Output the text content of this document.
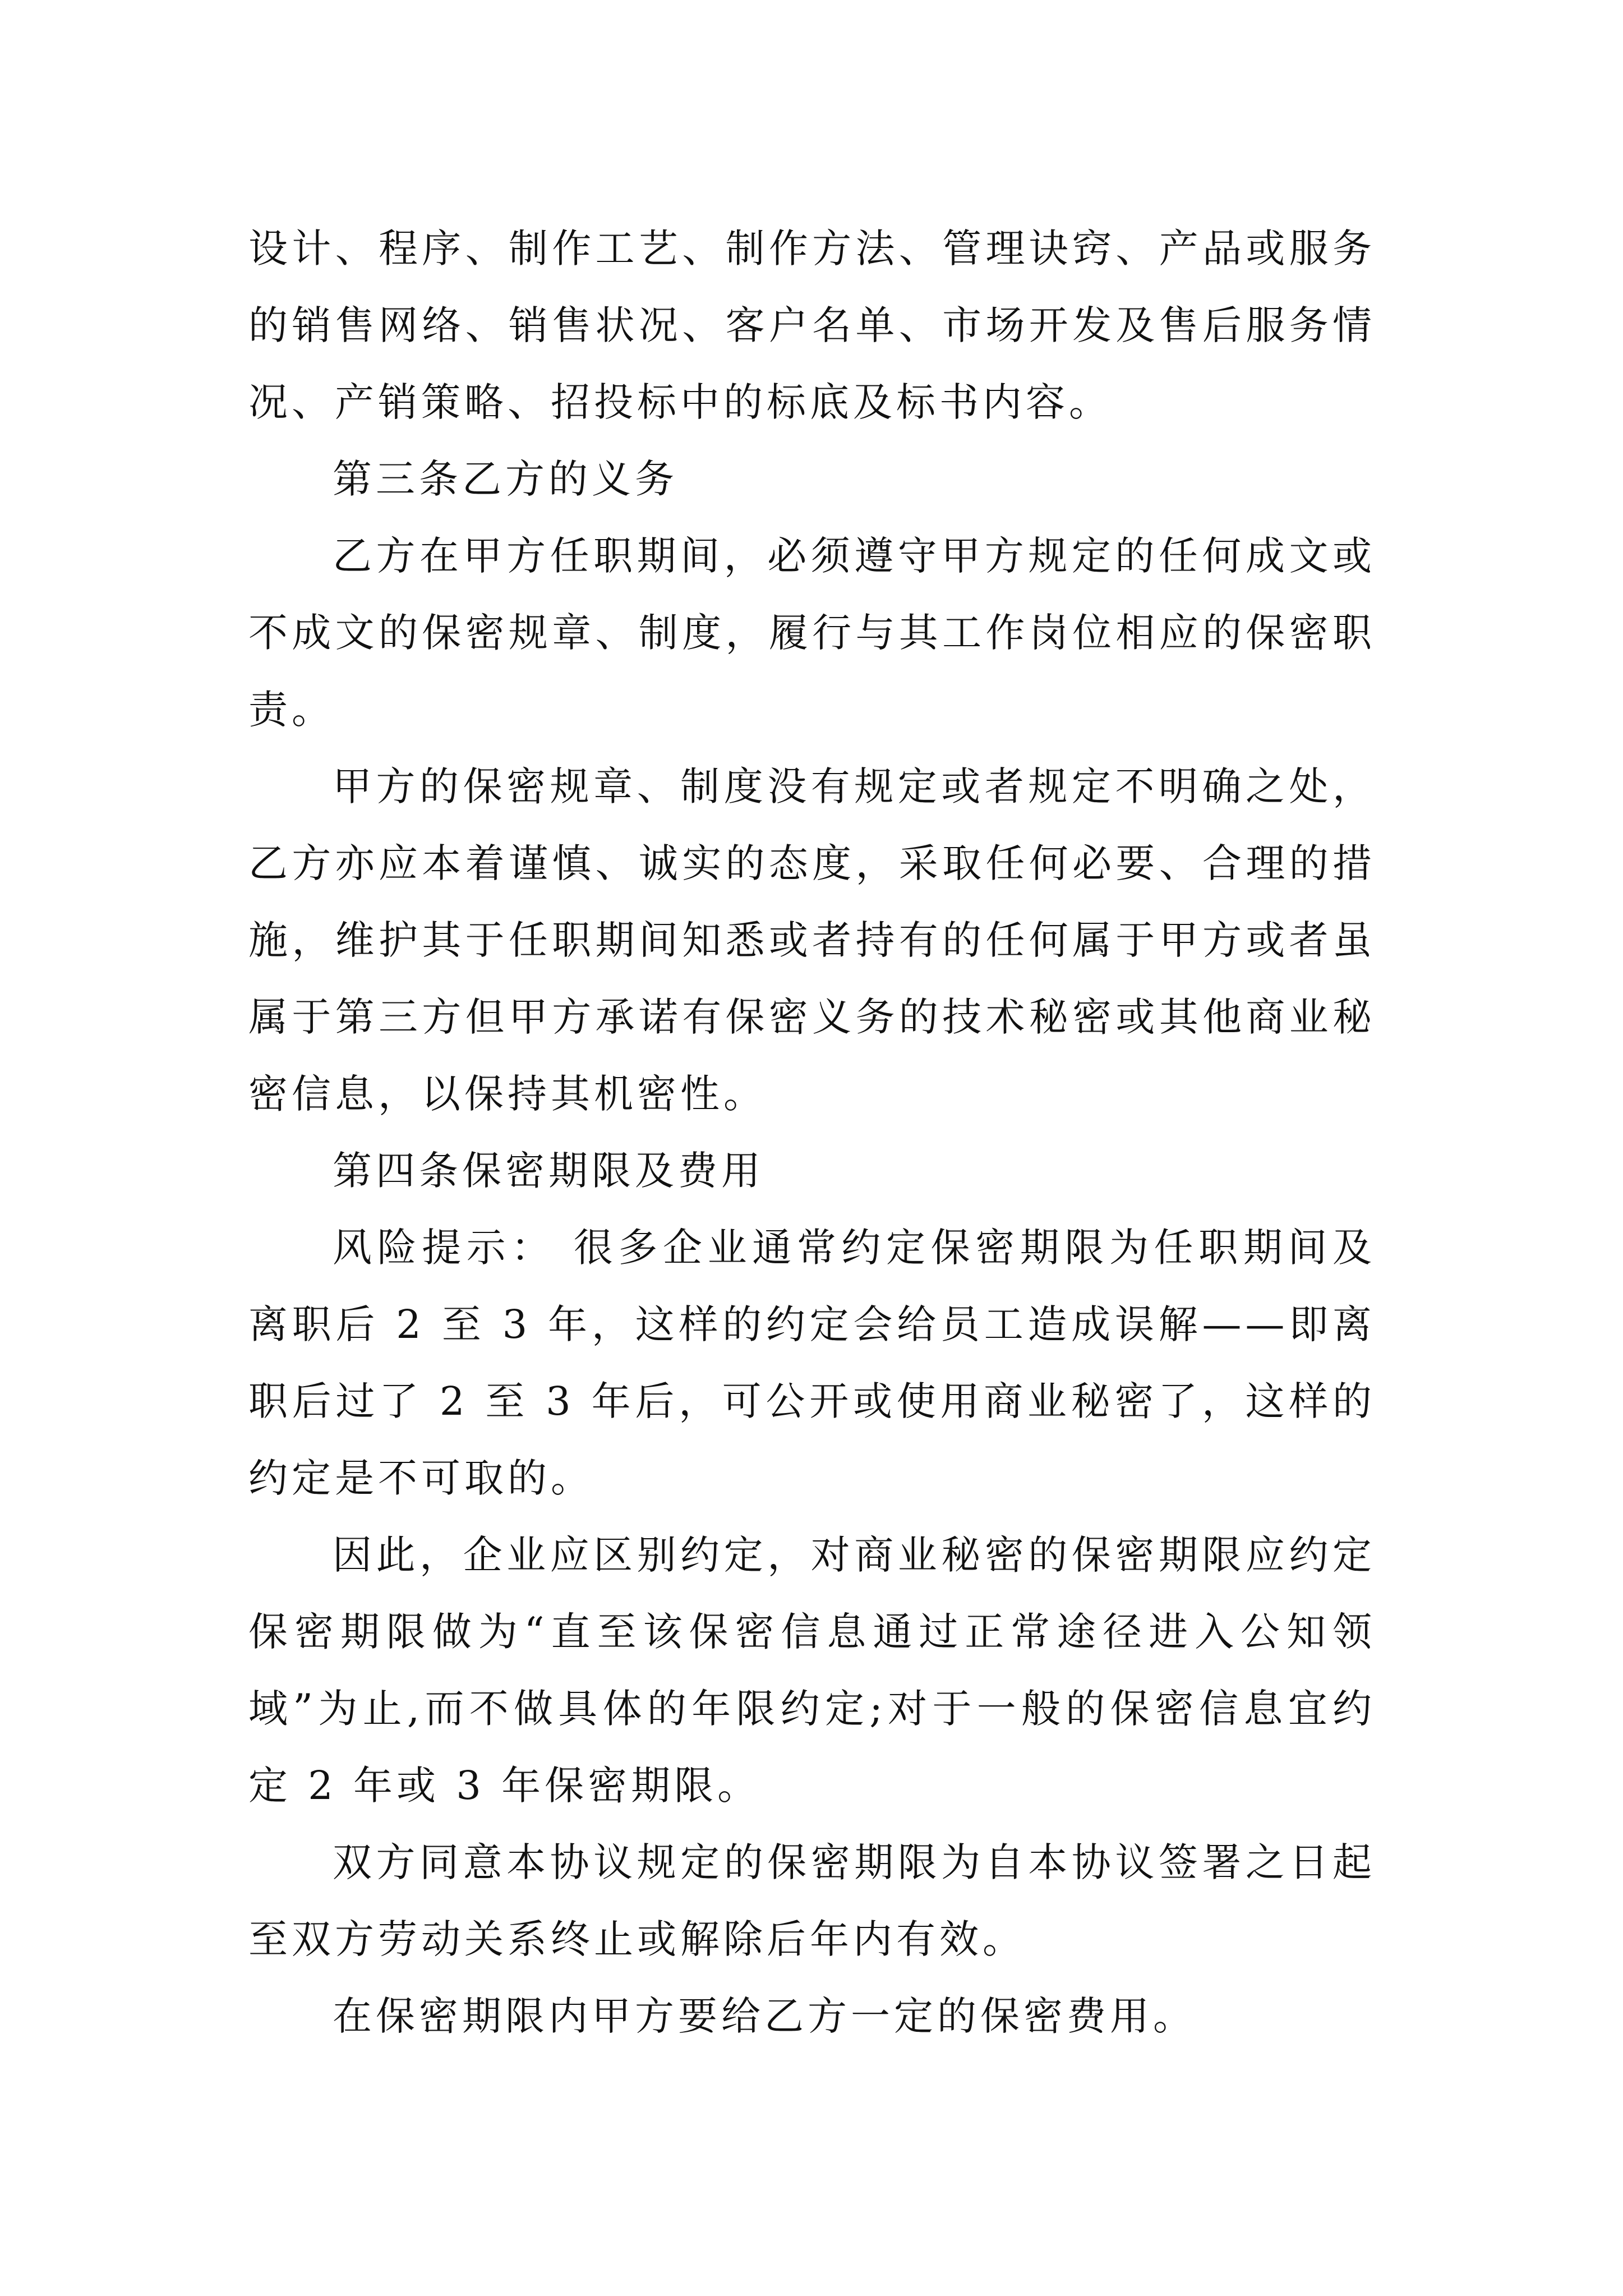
设计、程序、制作工艺、制作方法、管理诀窍、产品或服务的销售网络、销售状况、客户名单、市场开发及售后服务情况、产销策略、招投标中的标底及标书内容。

第三条乙方的义务

乙方在甲方任职期间，必须遵守甲方规定的任何成文或不成文的保密规章、制度，履行与其工作岗位相应的保密职责。

甲方的保密规章、制度没有规定或者规定不明确之处，乙方亦应本着谨慎、诚实的态度，采取任何必要、合理的措施，维护其于任职期间知悉或者持有的任何属于甲方或者虽属于第三方但甲方承诺有保密义务的技术秘密或其他商业秘密信息，以保持其机密性。

第四条保密期限及费用

风险提示： 很多企业通常约定保密期限为任职期间及离职后 2 至 3 年，这样的约定会给员工造成误解——即离职后过了 2 至 3 年后，可公开或使用商业秘密了，这样的约定是不可取的。

因此，企业应区别约定，对商业秘密的保密期限应约定保密期限做为“直至该保密信息通过正常途径进入公知领域”为止,而不做具体的年限约定;对于一般的保密信息宜约定 2 年或 3 年保密期限。

双方同意本协议规定的保密期限为自本协议签署之日起至双方劳动关系终止或解除后年内有效。

在保密期限内甲方要给乙方一定的保密费用。
